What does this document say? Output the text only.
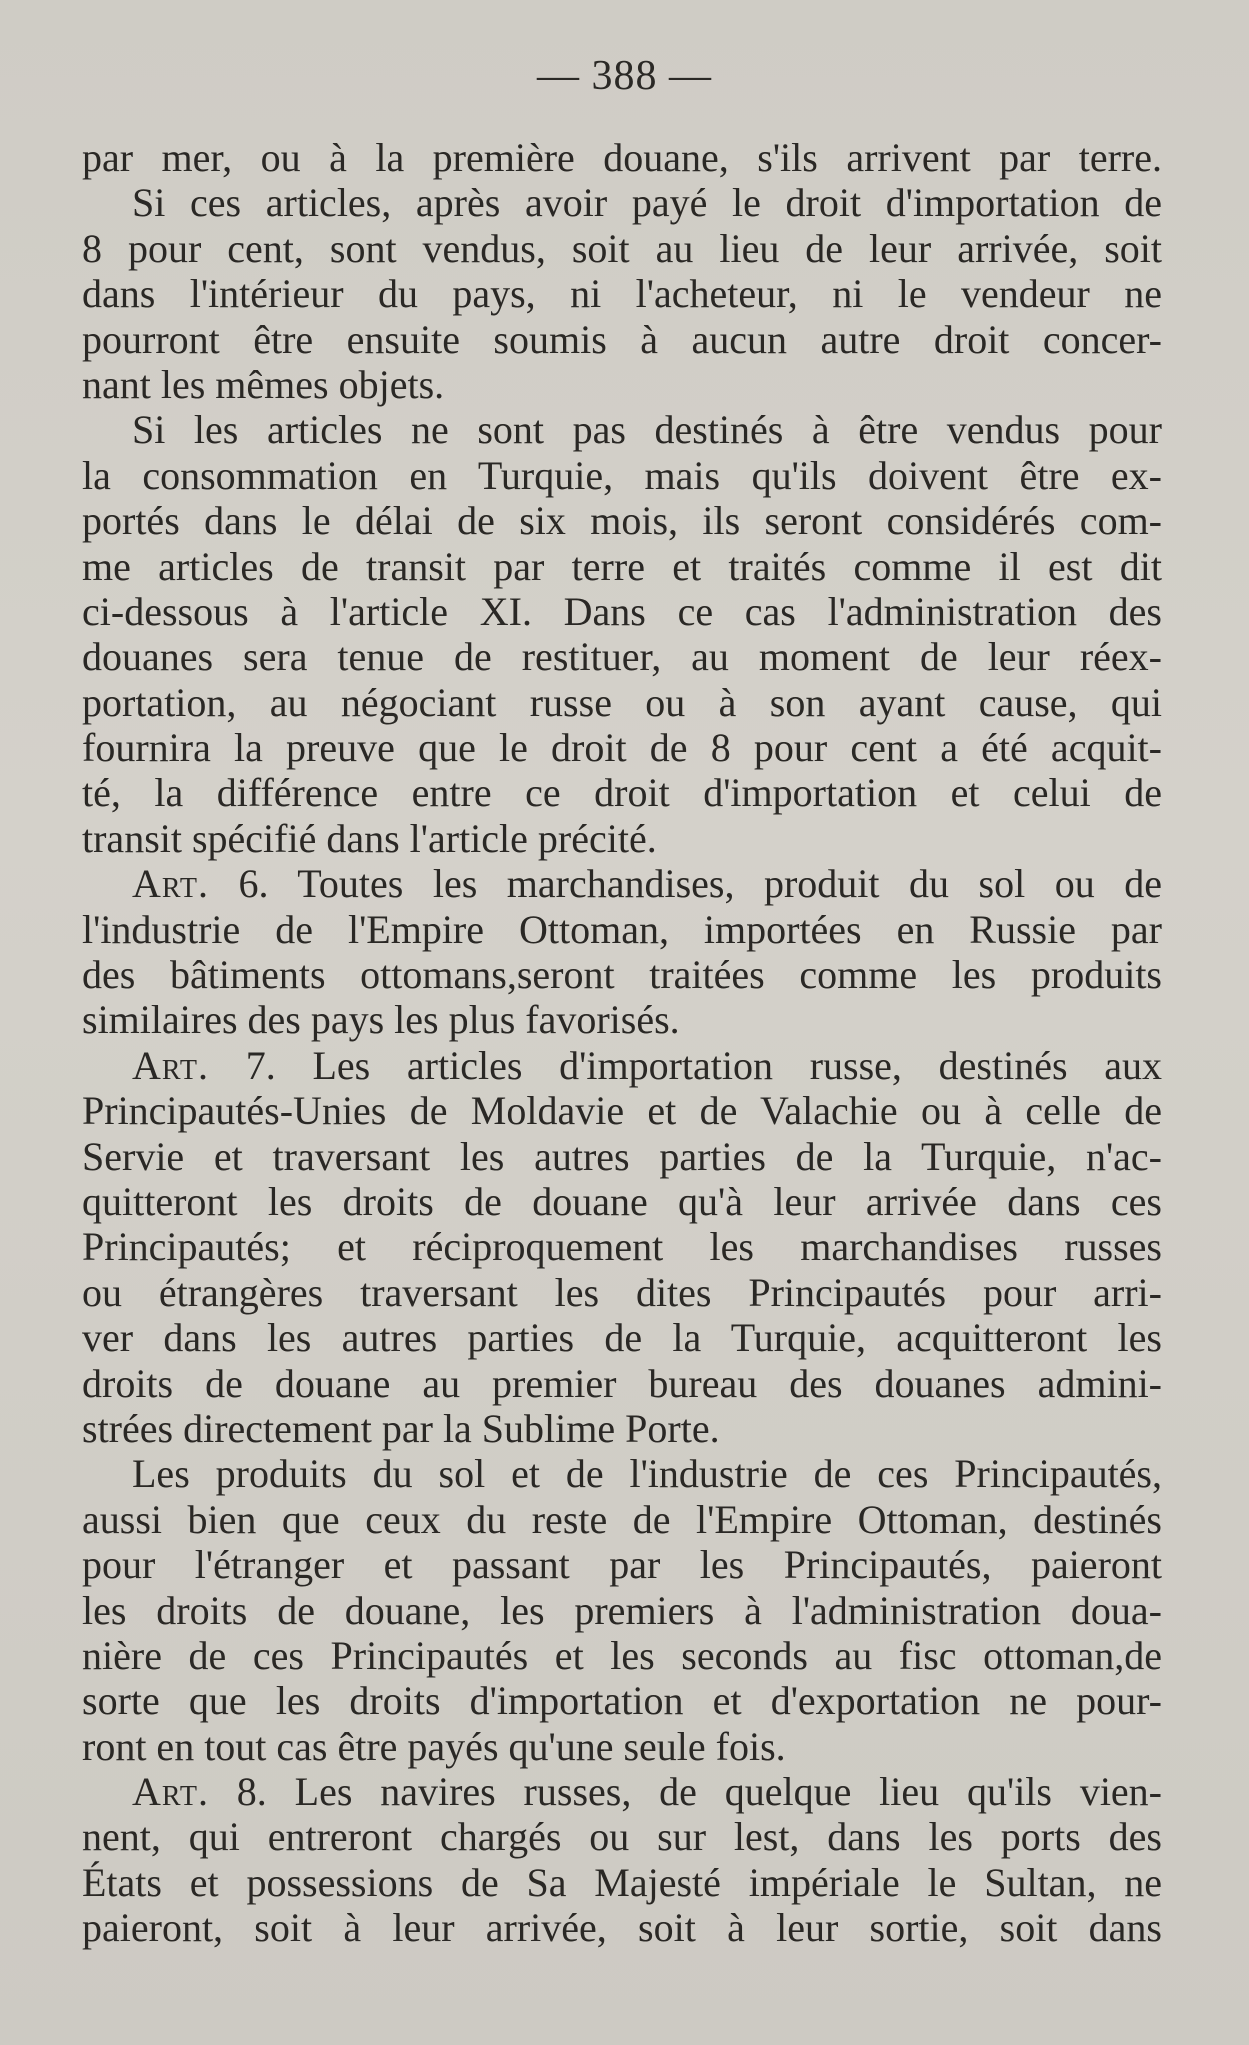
— 388 —
par mer, ou à la première douane, s'ils arrivent par terre.
Si ces articles, après avoir payé le droit d'importation de
8 pour cent, sont vendus, soit au lieu de leur arrivée, soit
dans l'intérieur du pays, ni l'acheteur, ni le vendeur ne
pourront être ensuite soumis à aucun autre droit concer-
nant les mêmes objets.
Si les articles ne sont pas destinés à être vendus pour
la consommation en Turquie, mais qu'ils doivent être ex-
portés dans le délai de six mois, ils seront considérés com-
me articles de transit par terre et traités comme il est dit
ci-dessous à l'article XI. Dans ce cas l'administration des
douanes sera tenue de restituer, au moment de leur réex-
portation, au négociant russe ou à son ayant cause, qui
fournira la preuve que le droit de 8 pour cent a été acquit-
té, la différence entre ce droit d'importation et celui de
transit spécifié dans l'article précité.
Art. 6. Toutes les marchandises, produit du sol ou de
l'industrie de l'Empire Ottoman, importées en Russie par
des bâtiments ottomans,seront traitées comme les produits
similaires des pays les plus favorisés.
Art. 7. Les articles d'importation russe, destinés aux
Principautés-Unies de Moldavie et de Valachie ou à celle de
Servie et traversant les autres parties de la Turquie, n'ac-
quitteront les droits de douane qu'à leur arrivée dans ces
Principautés; et réciproquement les marchandises russes
ou étrangères traversant les dites Principautés pour arri-
ver dans les autres parties de la Turquie, acquitteront les
droits de douane au premier bureau des douanes admini-
strées directement par la Sublime Porte.
Les produits du sol et de l'industrie de ces Principautés,
aussi bien que ceux du reste de l'Empire Ottoman, destinés
pour l'étranger et passant par les Principautés, paieront
les droits de douane, les premiers à l'administration doua-
nière de ces Principautés et les seconds au fisc ottoman,de
sorte que les droits d'importation et d'exportation ne pour-
ront en tout cas être payés qu'une seule fois.
Art. 8. Les navires russes, de quelque lieu qu'ils vien-
nent, qui entreront chargés ou sur lest, dans les ports des
États et possessions de Sa Majesté impériale le Sultan, ne
paieront, soit à leur arrivée, soit à leur sortie, soit dans
